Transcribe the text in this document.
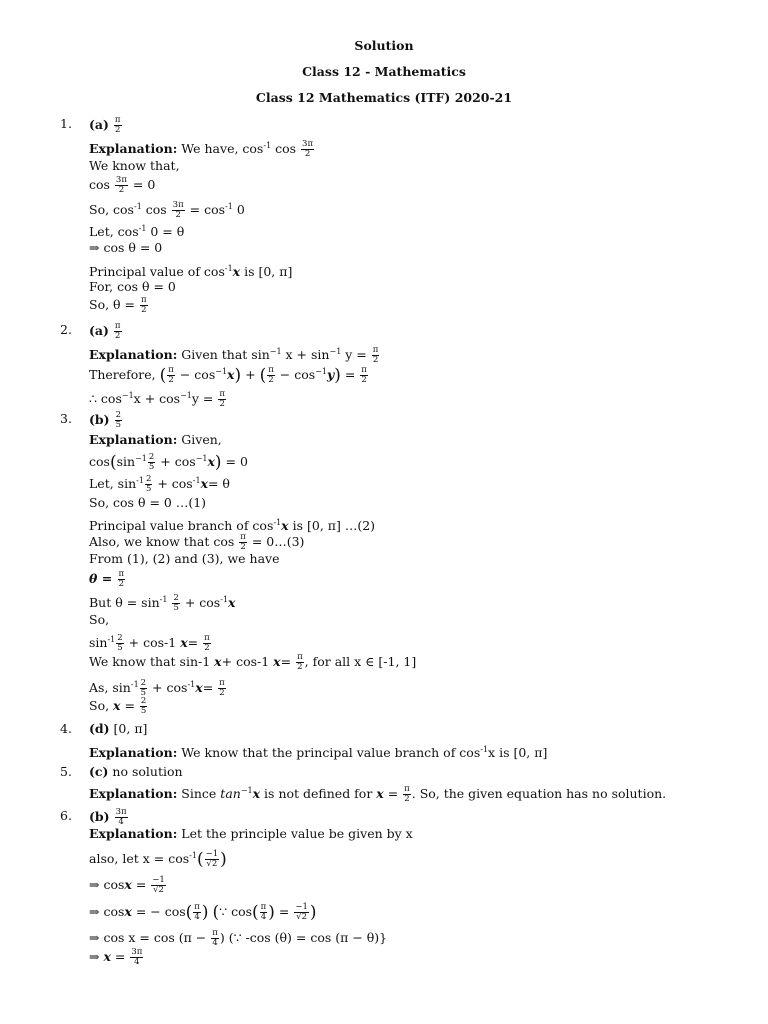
Solution
Class 12 - Mathematics
Class 12 Mathematics (ITF) 2020-21
1.	$(a) \frac{\pi}{2}$
Explanation: We have, $\cos^{-1} \cos \frac{3\pi}{2}$
We know that,
$\cos \frac{3\pi}{2} = 0$
So, $\cos^{-1} \cos \frac{3\pi}{2} = \cos^{-1} 0$
Let, $\cos^{-1} 0 = \theta$
⇒ cos θ = 0
Principal value of $\cos^{-1}x$ is [0, π]
For, cos θ = 0
So, $\theta = \frac{\pi}{2}$
2.	$(a) \frac{\pi}{2}$
Explanation: Given that $\sin^{-1} x + \sin^{-1} y = \frac{\pi}{2}$
Therefore, ( $\frac{\pi}{2} - \cos^{-1}x$) + ( $\frac{\pi}{2} - \cos^{-1}y) = \frac{\pi}{2}$
∴ $\cos^{-1}x + \cos^{-1}y = \frac{\pi}{2}$
3.	$(b) \frac{2}{5}$
Explanation: Given,
$\cos(\sin^{-1} \frac{2}{5} + \cos^{-1}x) = 0$
Let, $\sin^{-1} \frac{2}{5} + \cos^{-1}x= \theta$
So, cos θ = 0 …(1)
Principal value branch of $\cos^{-1}x$ is [0, π] …(2)
Also, we know that $\cos \frac{\pi}{2}$ = 0…(3)
From (1), (2) and (3), we have
$\theta = \frac{\pi}{2}$
But $\theta = \sin^{-1} \frac{2}{5} + \cos^{-1}x$
So,
$\sin^{-1} \frac{2}{5} + \cos-1$ $x= \frac{\pi}{2}$
We know that sin-1 x+ cos-1 $x= \frac{\pi}{2}$ , for all x ∈ [-1, 1]
As, $\sin^{-1} \frac{2}{5} + \cos^{-1}x= \frac{\pi}{2}$
So, $x = \frac{2}{5}$
4.	(d) [0, π]
Explanation: We know that the principal value branch of $\cos^{-1}x$ is [0, π]
5.	(c) no solution
Explanation: Since $\tan^{-1}x$ is not defined for $x = \frac{\pi}{2}$ . So, the given equation has no solution.
6.	$(b) \frac{3\pi}{4}$
Explanation: Let the principle value be given by x
also, let $x = \cos^{-1}( \frac{-1}{√2}$ )
⇒ $\cos x = \frac{-1}{√2}$
⇒ cosx = − $\cos( \frac{\pi}{4}$ ) (∵ $\cos( \frac{\pi}{4}$ ) = $\frac{-1}{√2}$ )
⇒ $\cos x = \cos (\pi - \frac{\pi}{4}$ ) (∵ -cos (θ) = cos (π − θ)}
⇒ $x = \frac{3\pi}{4}$
